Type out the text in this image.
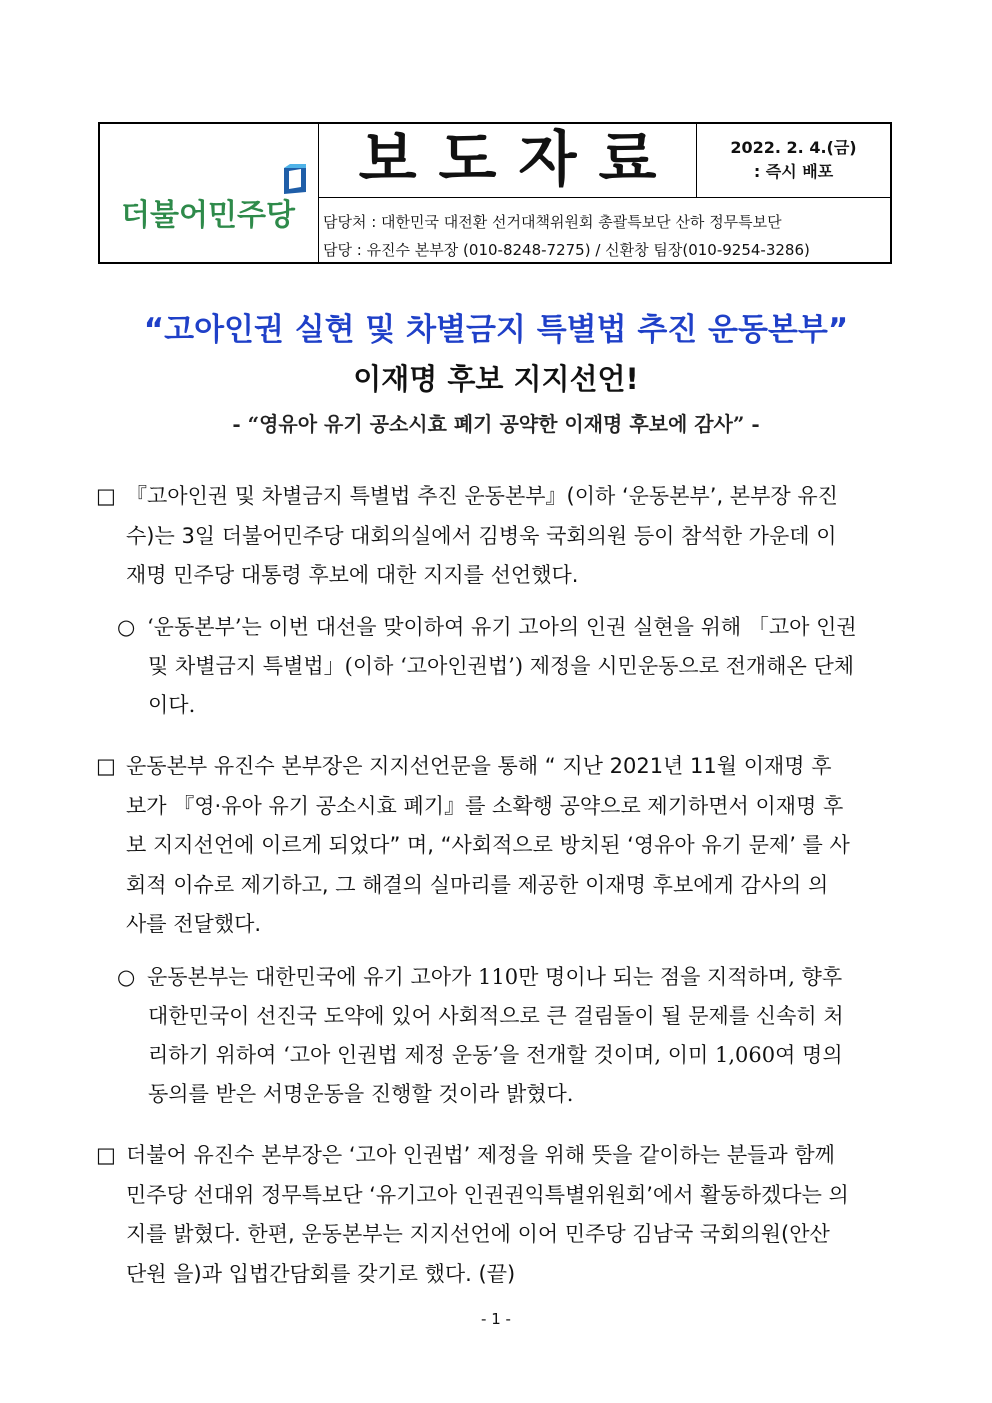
더불어민주당
보도자료	2022. 2. 4.(금)
: 즉시 배포
담당처 : 대한민국 대전환 선거대책위원회 총괄특보단 산하 정무특보단
담당 : 유진수 본부장 (010-8248-7275) / 신환창 팀장(010-9254-3286)
“고아인권 실현 및 차별금지 특별법 추진 운동본부”
이재명 후보 지지선언!
- “영유아 유기 공소시효 폐기 공약한 이재명 후보에 감사” -
□ 『고아인권 및 차별금지 특별법 추진 운동본부』(이하 ‘운동본부’, 본부장 유진
수)는 3일 더불어민주당 대회의실에서 김병욱 국회의원 등이 참석한 가운데 이
재명 민주당 대통령 후보에 대한 지지를 선언했다.
○ ‘운동본부’는 이번 대선을 맞이하여 유기 고아의 인권 실현을 위해 「고아 인권
및 차별금지 특별법」(이하 ‘고아인권법’) 제정을 시민운동으로 전개해온 단체
이다.
□ 운동본부 유진수 본부장은 지지선언문을 통해 “ 지난 2021년 11월 이재명 후
보가 『영·유아 유기 공소시효 폐기』를 소확행 공약으로 제기하면서 이재명 후
보 지지선언에 이르게 되었다” 며, “사회적으로 방치된 ‘영유아 유기 문제’ 를 사
회적 이슈로 제기하고, 그 해결의 실마리를 제공한 이재명 후보에게 감사의 의
사를 전달했다.
○ 운동본부는 대한민국에 유기 고아가 110만 명이나 되는 점을 지적하며, 향후
대한민국이 선진국 도약에 있어 사회적으로 큰 걸림돌이 될 문제를 신속히 처
리하기 위하여 ‘고아 인권법 제정 운동’을 전개할 것이며, 이미 1,060여 명의
동의를 받은 서명운동을 진행할 것이라 밝혔다.
□ 더불어 유진수 본부장은 ‘고아 인권법’ 제정을 위해 뜻을 같이하는 분들과 함께
민주당 선대위 정무특보단 ‘유기고아 인권권익특별위원회’에서 활동하겠다는 의
지를 밝혔다. 한편, 운동본부는 지지선언에 이어 민주당 김남국 국회의원(안산
단원 을)과 입법간담회를 갖기로 했다. (끝)
- 1 -
